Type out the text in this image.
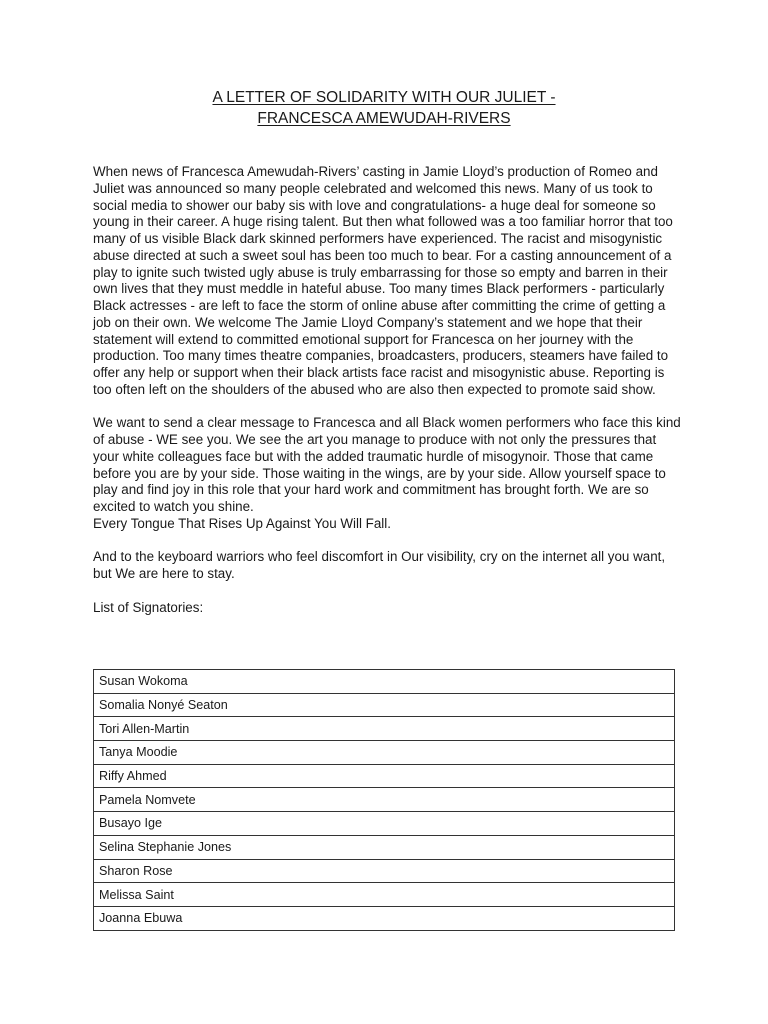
A LETTER OF SOLIDARITY WITH OUR JULIET -
FRANCESCA AMEWUDAH-RIVERS

When news of Francesca Amewudah-Rivers’ casting in Jamie Lloyd’s production of Romeo and Juliet was announced so many people celebrated and welcomed this news. Many of us took to social media to shower our baby sis with love and congratulations- a huge deal for someone so young in their career. A huge rising talent. But then what followed was a too familiar horror that too many of us visible Black dark skinned performers have experienced. The racist and misogynistic abuse directed at such a sweet soul has been too much to bear. For a casting announcement of a play to ignite such twisted ugly abuse is truly embarrassing for those so empty and barren in their own lives that they must meddle in hateful abuse. Too many times Black performers - particularly Black actresses - are left to face the storm of online abuse after committing the crime of getting a job on their own. We welcome The Jamie Lloyd Company’s statement and we hope that their statement will extend to committed emotional support for Francesca on her journey with the production. Too many times theatre companies, broadcasters, producers, steamers have failed to offer any help or support when their black artists face racist and misogynistic abuse. Reporting is too often left on the shoulders of the abused who are also then expected to promote said show.

We want to send a clear message to Francesca and all Black women performers who face this kind of abuse - WE see you. We see the art you manage to produce with not only the pressures that your white colleagues face but with the added traumatic hurdle of misogynoir. Those that came before you are by your side. Those waiting in the wings, are by your side. Allow yourself space to play and find joy in this role that your hard work and commitment has brought forth. We are so excited to watch you shine.
Every Tongue That Rises Up Against You Will Fall.

And to the keyboard warriors who feel discomfort in Our visibility, cry on the internet all you want, but We are here to stay.

List of Signatories:

Susan Wokoma
Somalia Nonyé Seaton
Tori Allen-Martin
Tanya Moodie
Riffy Ahmed
Pamela Nomvete
Busayo Ige
Selina Stephanie Jones
Sharon Rose
Melissa Saint
Joanna Ebuwa
